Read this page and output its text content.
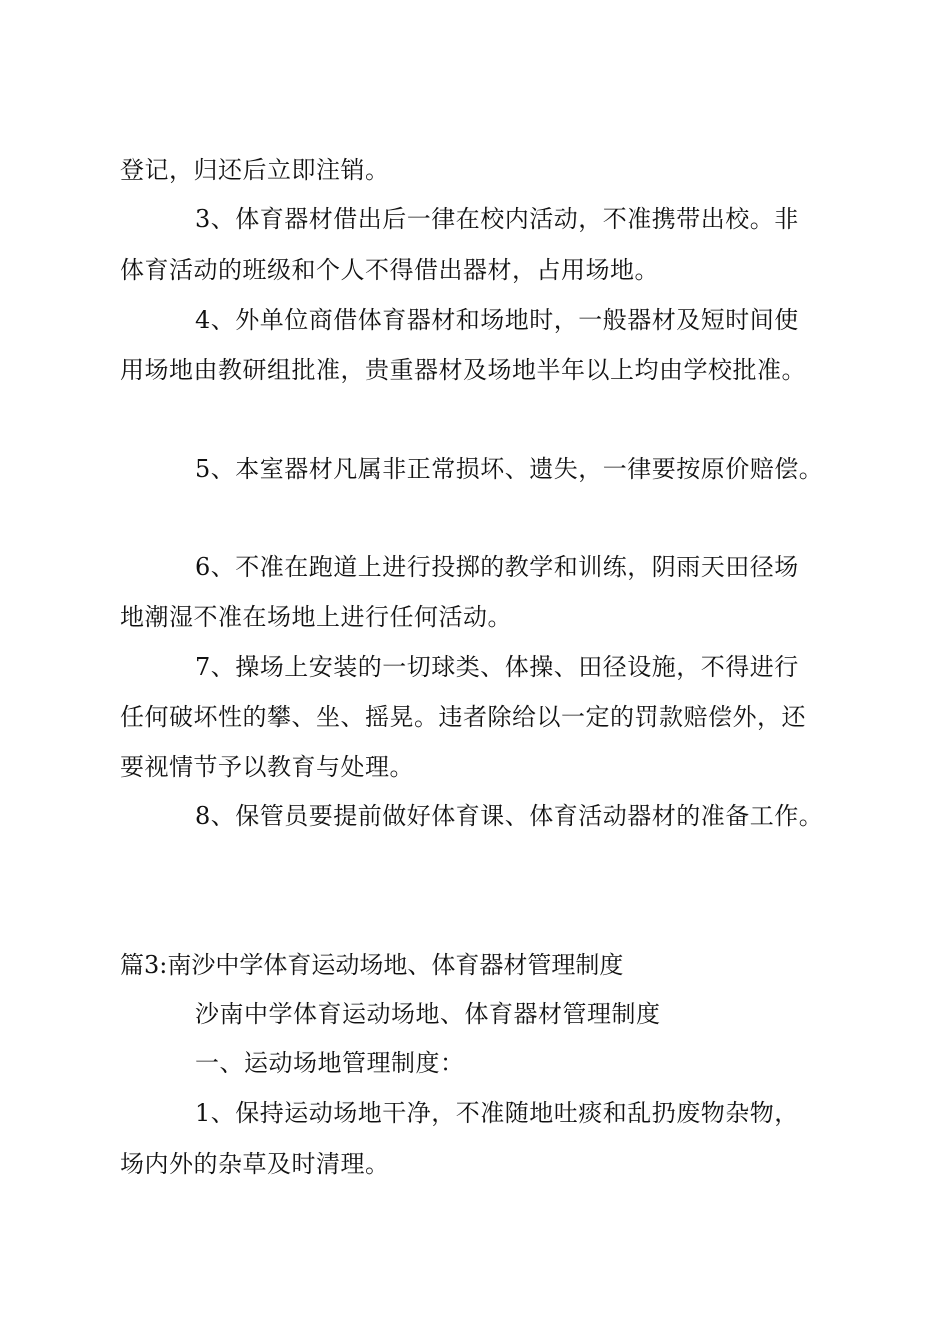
登记，归还后立即注销。
3、体育器材借出后一律在校内活动，不准携带出校。非
体育活动的班级和个人不得借出器材，占用场地。
4、外单位商借体育器材和场地时，一般器材及短时间使
用场地由教研组批准，贵重器材及场地半年以上均由学校批准。
5、本室器材凡属非正常损坏、遗失，一律要按原价赔偿。
6、不准在跑道上进行投掷的教学和训练，阴雨天田径场
地潮湿不准在场地上进行任何活动。
7、操场上安装的一切球类、体操、田径设施，不得进行
任何破坏性的攀、坐、摇晃。违者除给以一定的罚款赔偿外，还
要视情节予以教育与处理。
8、保管员要提前做好体育课、体育活动器材的准备工作。
篇3:南沙中学体育运动场地、体育器材管理制度
沙南中学体育运动场地、体育器材管理制度
一、运动场地管理制度：
1、保持运动场地干净，不准随地吐痰和乱扔废物杂物，
场内外的杂草及时清理。
